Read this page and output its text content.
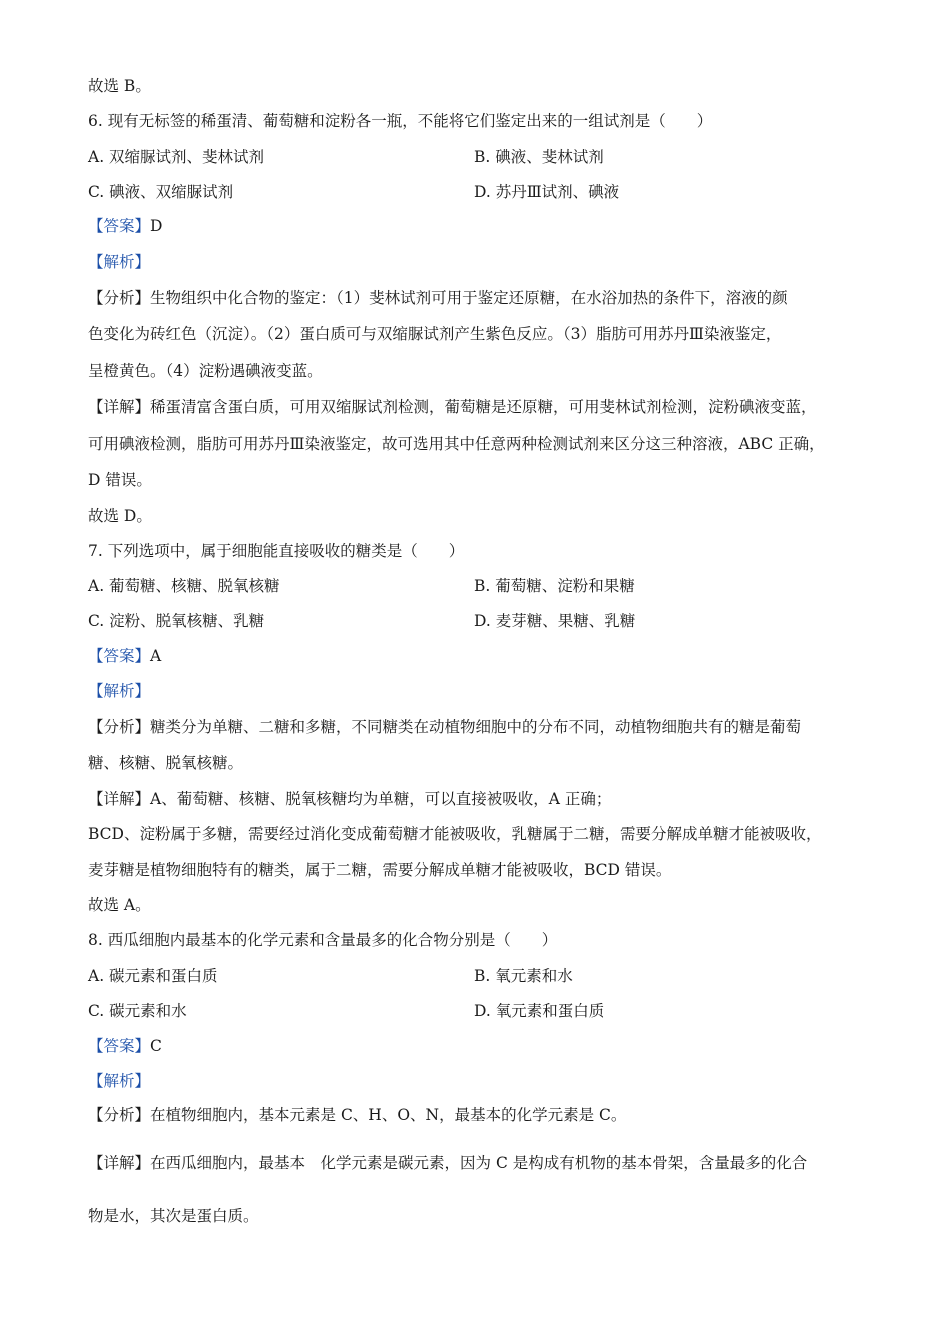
故选 B。
6. 现有无标签的稀蛋清、葡萄糖和淀粉各一瓶，不能将它们鉴定出来的一组试剂是（　　）
A. 双缩脲试剂、斐林试剂	B. 碘液、斐林试剂
C. 碘液、双缩脲试剂	D. 苏丹Ⅲ试剂、碘液
【答案】D
【解析】
【分析】生物组织中化合物的鉴定：（1）斐林试剂可用于鉴定还原糖，在水浴加热的条件下，溶液的颜
色变化为砖红色（沉淀）。（2）蛋白质可与双缩脲试剂产生紫色反应。（3）脂肪可用苏丹Ⅲ染液鉴定，
呈橙黄色。（4）淀粉遇碘液变蓝。
【详解】稀蛋清富含蛋白质，可用双缩脲试剂检测，葡萄糖是还原糖，可用斐林试剂检测，淀粉碘液变蓝，
可用碘液检测，脂肪可用苏丹Ⅲ染液鉴定，故可选用其中任意两种检测试剂来区分这三种溶液，ABC 正确，
D 错误。
故选 D。
7. 下列选项中，属于细胞能直接吸收的糖类是（　　）
A. 葡萄糖、核糖、脱氧核糖	B. 葡萄糖、淀粉和果糖
C. 淀粉、脱氧核糖、乳糖	D. 麦芽糖、果糖、乳糖
【答案】A
【解析】
【分析】糖类分为单糖、二糖和多糖，不同糖类在动植物细胞中的分布不同，动植物细胞共有的糖是葡萄
糖、核糖、脱氧核糖。
【详解】A、葡萄糖、核糖、脱氧核糖均为单糖，可以直接被吸收，A 正确；
BCD、淀粉属于多糖，需要经过消化变成葡萄糖才能被吸收，乳糖属于二糖，需要分解成单糖才能被吸收，
麦芽糖是植物细胞特有的糖类，属于二糖，需要分解成单糖才能被吸收，BCD 错误。
故选 A。
8. 西瓜细胞内最基本的化学元素和含量最多的化合物分别是（　　）
A. 碳元素和蛋白质	B. 氧元素和水
C. 碳元素和水	D. 氧元素和蛋白质
【答案】C
【解析】
【分析】在植物细胞内，基本元素是 C、H、O、N，最基本的化学元素是 C。
【详解】在西瓜细胞内，最基本　化学元素是碳元素，因为 C 是构成有机物的基本骨架，含量最多的化合
物是水，其次是蛋白质。
